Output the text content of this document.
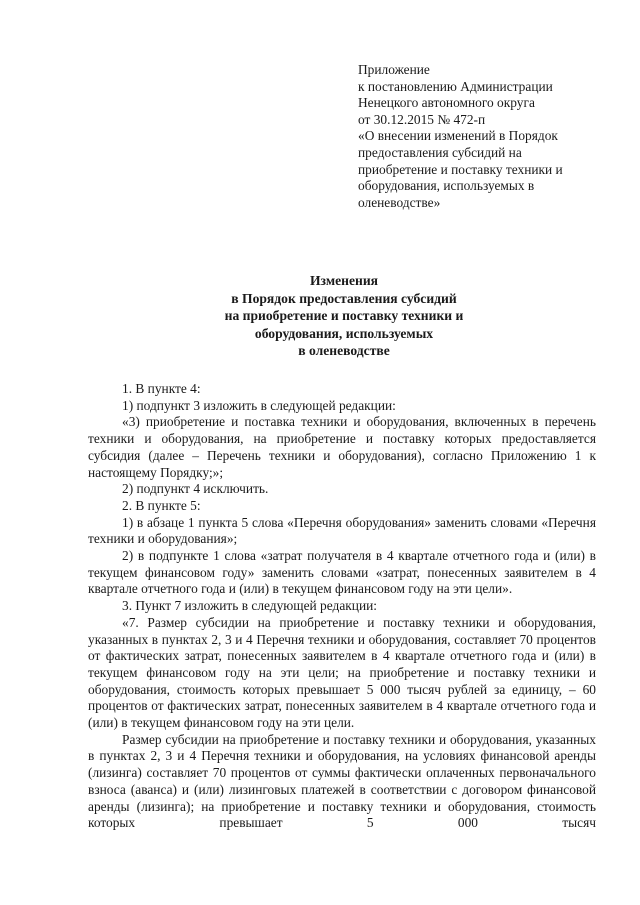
Приложение
к постановлению Администрации
Ненецкого автономного округа
от 30.12.2015 № 472-п
«О внесении изменений в Порядок
предоставления субсидий на
приобретение и поставку техники и
оборудования, используемых в
оленеводстве»
Изменения
в Порядок предоставления субсидий
на приобретение и поставку техники и
оборудования, используемых
в оленеводстве

1. В пункте 4:

1) подпункт 3 изложить в следующей редакции:

«3) приобретение и поставка техники и оборудования, включенных в перечень техники и оборудования, на приобретение и поставку которых предоставляется субсидия (далее – Перечень техники и оборудования), согласно Приложению 1 к настоящему Порядку;»;

2) подпункт 4 исключить.

2. В пункте 5:

1) в абзаце 1 пункта 5 слова «Перечня оборудования» заменить словами «Перечня техники и оборудования»;

2) в подпункте 1 слова «затрат получателя в 4 квартале отчетного года и (или) в текущем финансовом году» заменить словами «затрат, понесенных заявителем в 4 квартале отчетного года и (или) в текущем финансовом году на эти цели».

3. Пункт 7 изложить в следующей редакции:

«7. Размер субсидии на приобретение и поставку техники и оборудования, указанных в пунктах 2, 3 и 4 Перечня техники и оборудования, составляет 70 процентов от фактических затрат, понесенных заявителем в 4 квартале отчетного года и (или) в текущем финансовом году на эти цели; на приобретение и поставку техники и оборудования, стоимость которых превышает 5 000 тысяч рублей за единицу, – 60 процентов от фактических затрат, понесенных заявителем в 4 квартале отчетного года и (или) в текущем финансовом году на эти цели.

Размер субсидии на приобретение и поставку техники и оборудования, указанных в пунктах 2, 3 и 4 Перечня техники и оборудования, на условиях финансовой аренды (лизинга) составляет 70 процентов от суммы фактически оплаченных первоначального взноса (аванса) и (или) лизинговых платежей в соответствии с договором финансовой аренды (лизинга); на приобретение и поставку техники и оборудования, стоимость которых превышает 5 000 тысяч
